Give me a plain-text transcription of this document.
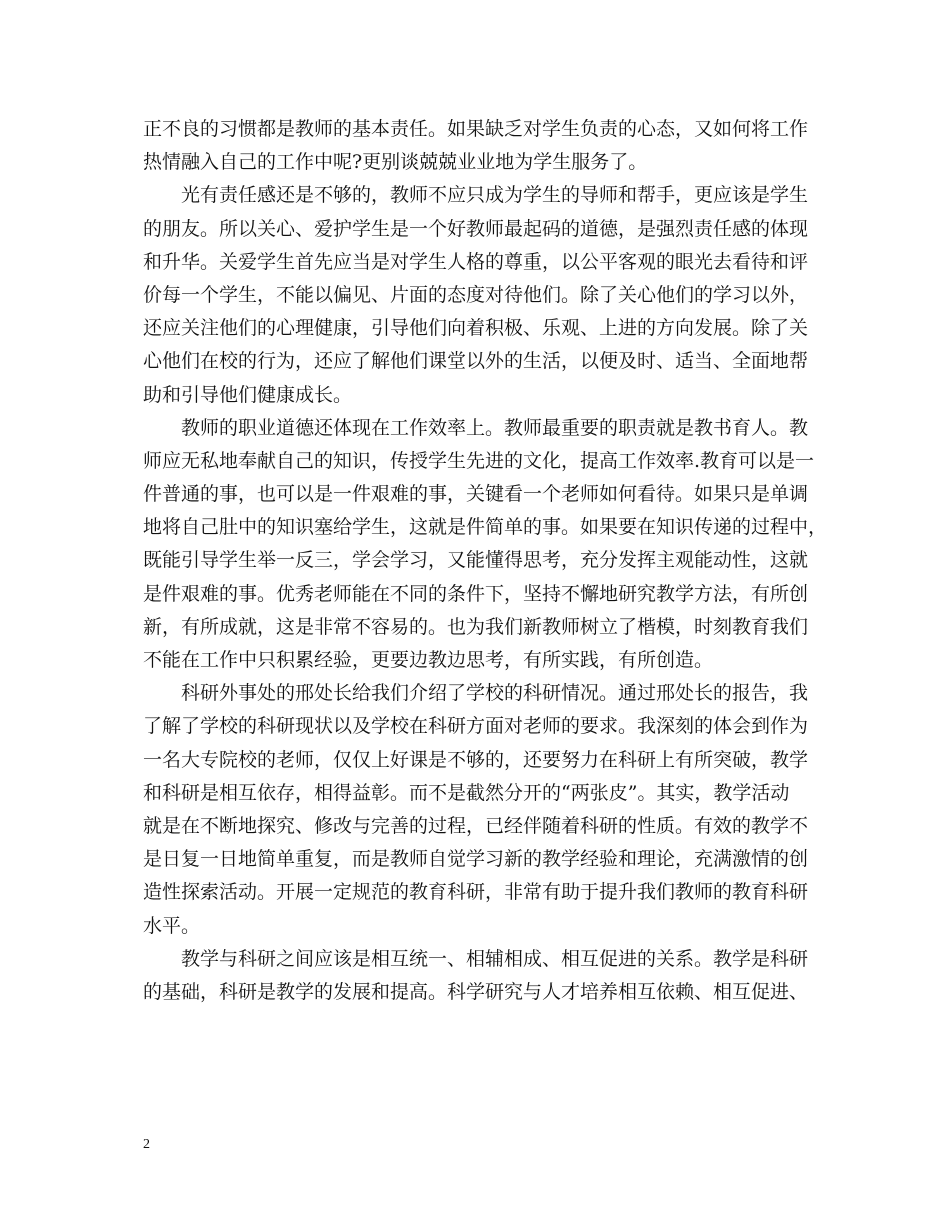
正不良的习惯都是教师的基本责任。如果缺乏对学生负责的心态，又如何将工作
热情融入自己的工作中呢?更别谈兢兢业业地为学生服务了。
光有责任感还是不够的，教师不应只成为学生的导师和帮手，更应该是学生
的朋友。所以关心、爱护学生是一个好教师最起码的道德，是强烈责任感的体现
和升华。关爱学生首先应当是对学生人格的尊重，以公平客观的眼光去看待和评
价每一个学生，不能以偏见、片面的态度对待他们。除了关心他们的学习以外，
还应关注他们的心理健康，引导他们向着积极、乐观、上进的方向发展。除了关
心他们在校的行为，还应了解他们课堂以外的生活，以便及时、适当、全面地帮
助和引导他们健康成长。
教师的职业道德还体现在工作效率上。教师最重要的职责就是教书育人。教
师应无私地奉献自己的知识，传授学生先进的文化，提高工作效率.教育可以是一
件普通的事，也可以是一件艰难的事，关键看一个老师如何看待。如果只是单调
地将自己肚中的知识塞给学生，这就是件简单的事。如果要在知识传递的过程中，
既能引导学生举一反三，学会学习，又能懂得思考，充分发挥主观能动性，这就
是件艰难的事。优秀老师能在不同的条件下，坚持不懈地研究教学方法，有所创
新，有所成就，这是非常不容易的。也为我们新教师树立了楷模，时刻教育我们
不能在工作中只积累经验，更要边教边思考，有所实践，有所创造。
科研外事处的邢处长给我们介绍了学校的科研情况。通过邢处长的报告，我
了解了学校的科研现状以及学校在科研方面对老师的要求。我深刻的体会到作为
一名大专院校的老师，仅仅上好课是不够的，还要努力在科研上有所突破，教学
和科研是相互依存，相得益彰。而不是截然分开的“两张皮”。其实，教学活动
就是在不断地探究、修改与完善的过程，已经伴随着科研的性质。有效的教学不
是日复一日地简单重复，而是教师自觉学习新的教学经验和理论，充满激情的创
造性探索活动。开展一定规范的教育科研，非常有助于提升我们教师的教育科研
水平。
教学与科研之间应该是相互统一、相辅相成、相互促进的关系。教学是科研
的基础，科研是教学的发展和提高。科学研究与人才培养相互依赖、相互促进、
2
